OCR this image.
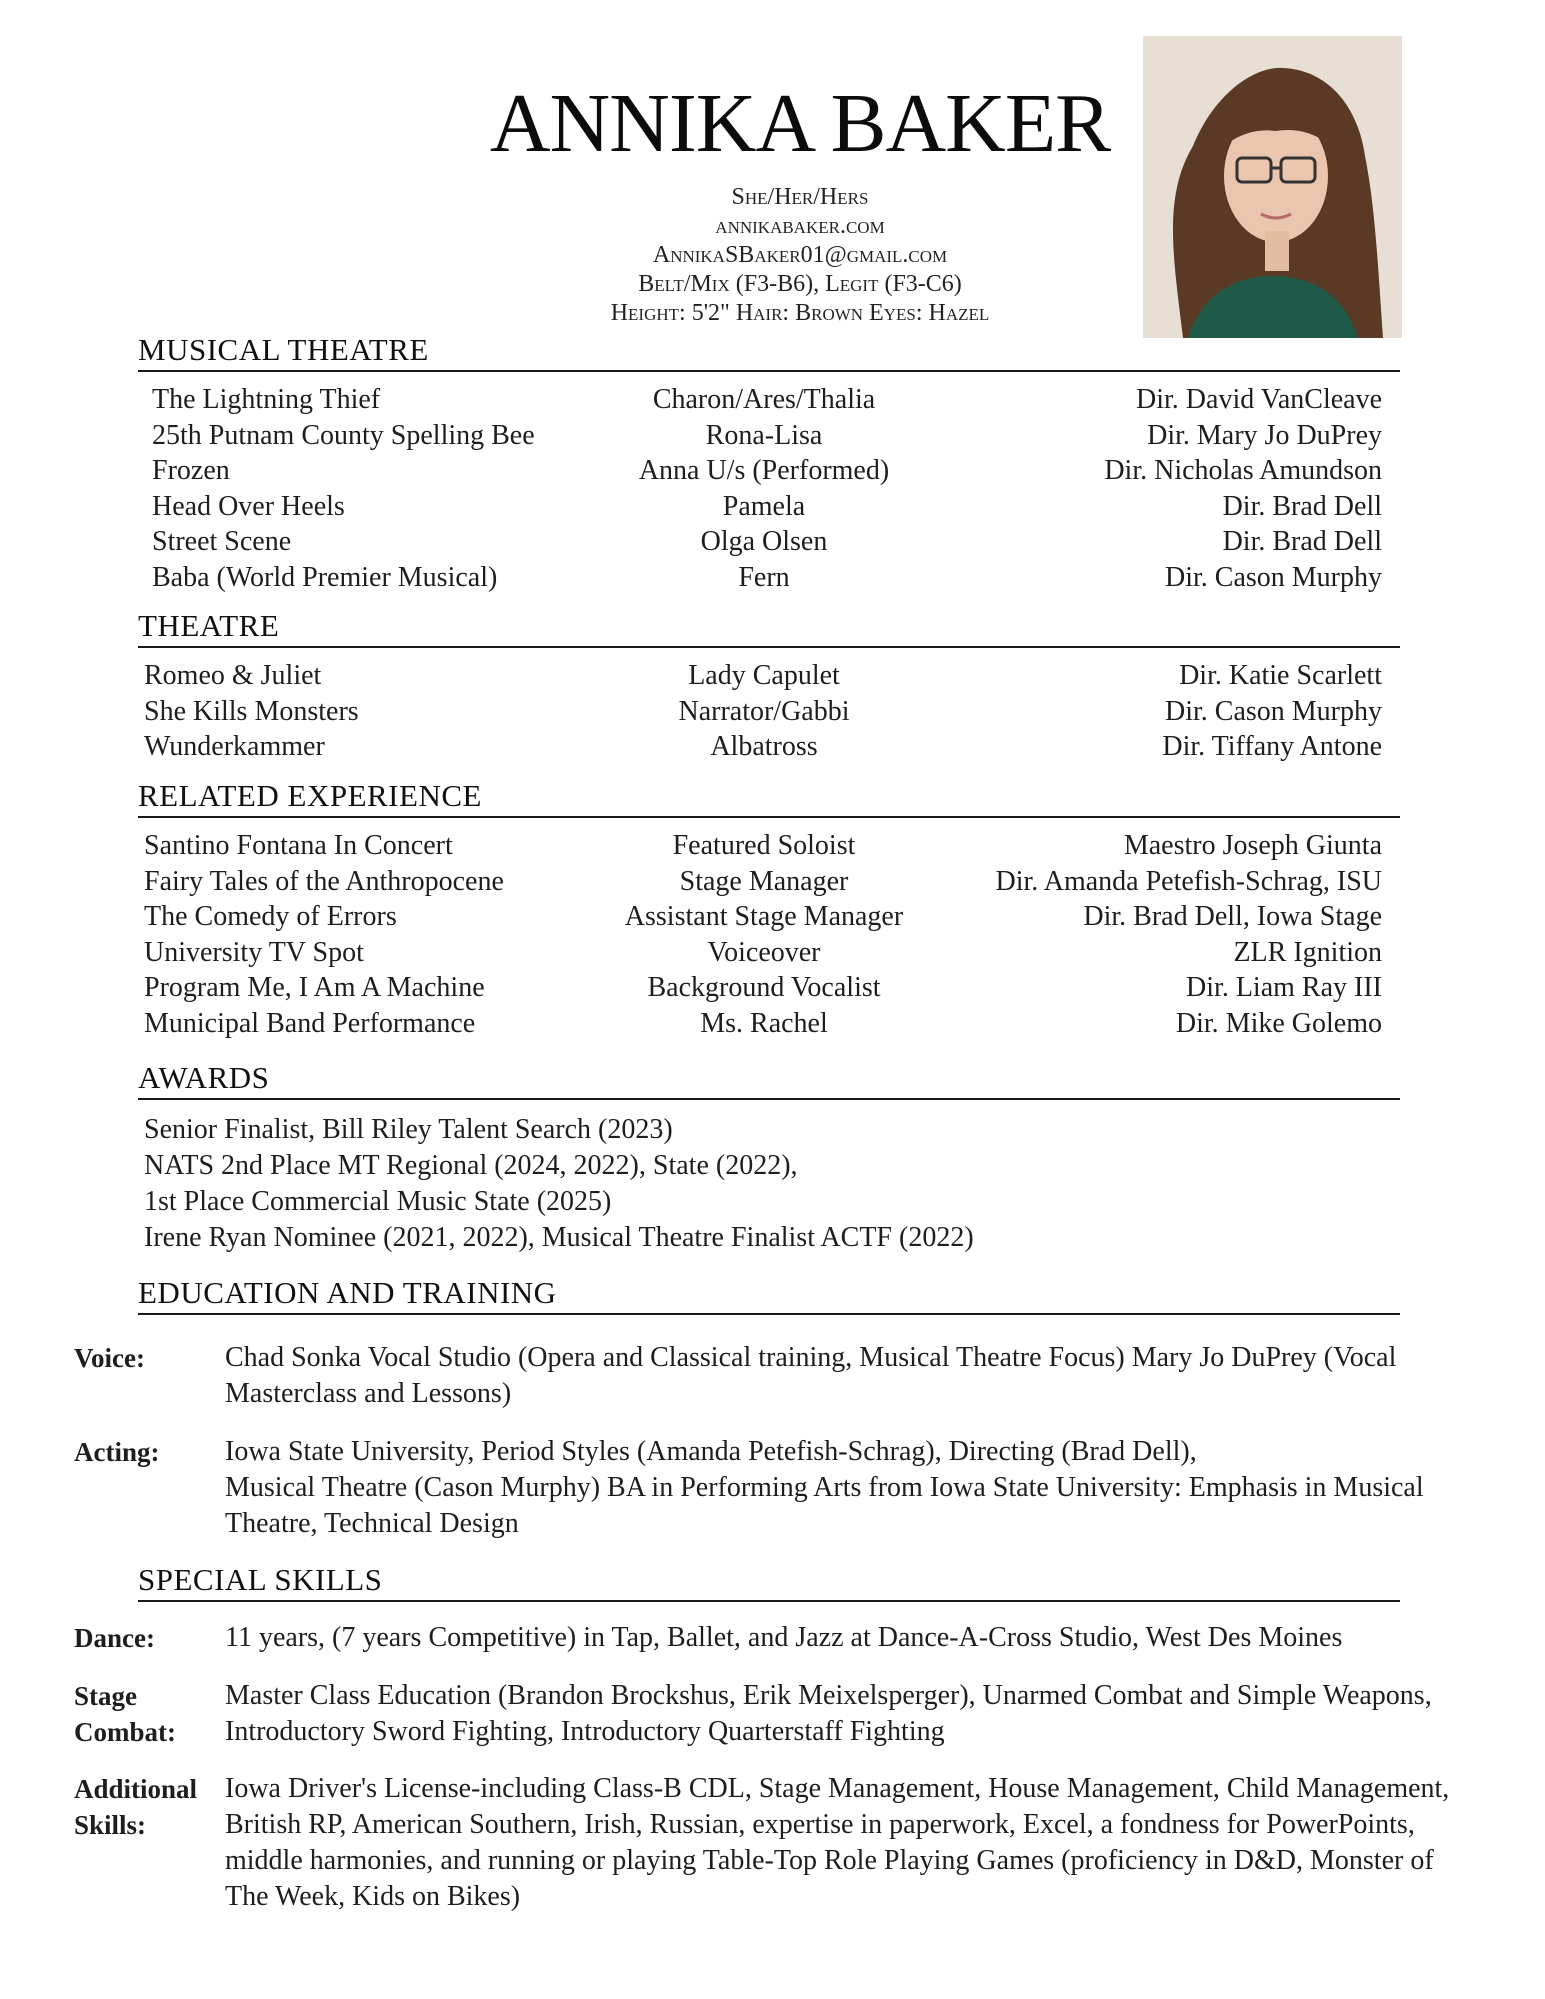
ANNIKA BAKER
She/Her/Hers
annikabaker.com
AnnikaSBaker01@gmail.com
Belt/Mix (F3-B6), Legit (F3-C6)
Height: 5'2" Hair: Brown Eyes: Hazel
MUSICAL THEATRE
The Lightning Thief	Charon/Ares/Thalia	Dir. David VanCleave
25th Putnam County Spelling Bee	Rona-Lisa	Dir. Mary Jo DuPrey
Frozen	Anna U/s (Performed)	Dir. Nicholas Amundson
Head Over Heels	Pamela	Dir. Brad Dell
Street Scene	Olga Olsen	Dir. Brad Dell
Baba (World Premier Musical)	Fern	Dir. Cason Murphy
THEATRE
Romeo & Juliet	Lady Capulet	Dir. Katie Scarlett
She Kills Monsters	Narrator/Gabbi	Dir. Cason Murphy
Wunderkammer	Albatross	Dir. Tiffany Antone
RELATED EXPERIENCE
Santino Fontana In Concert	Featured Soloist	Maestro Joseph Giunta
Fairy Tales of the Anthropocene	Stage Manager	Dir. Amanda Petefish-Schrag, ISU
The Comedy of Errors	Assistant Stage Manager	Dir. Brad Dell, Iowa Stage
University TV Spot	Voiceover	ZLR Ignition
Program Me, I Am A Machine	Background Vocalist	Dir. Liam Ray III
Municipal Band Performance	Ms. Rachel	Dir. Mike Golemo
AWARDS
Senior Finalist, Bill Riley Talent Search (2023)
NATS 2nd Place MT Regional (2024, 2022), State (2022),
1st Place Commercial Music State (2025)
Irene Ryan Nominee (2021, 2022), Musical Theatre Finalist ACTF (2022)
EDUCATION AND TRAINING
Voice:	Chad Sonka Vocal Studio (Opera and Classical training, Musical Theatre Focus) Mary Jo DuPrey (Vocal Masterclass and Lessons)
Acting: Iowa State University, Period Styles (Amanda Petefish-Schrag), Directing (Brad Dell),
Musical Theatre (Cason Murphy) BA in Performing Arts from Iowa State University: Emphasis in Musical Theatre, Technical Design
SPECIAL SKILLS
Dance:	11 years, (7 years Competitive) in Tap, Ballet, and Jazz at Dance-A-Cross Studio, West Des Moines
Stage
Combat:
Master Class Education (Brandon Brockshus, Erik Meixelsperger), Unarmed Combat and Simple Weapons, Introductory Sword Fighting, Introductory Quarterstaff Fighting
Additional
Skills:
Iowa Driver's License-including Class-B CDL, Stage Management, House Management, Child Management, British RP, American Southern, Irish, Russian, expertise in paperwork, Excel, a fondness for PowerPoints, middle harmonies, and running or playing Table-Top Role Playing Games (proficiency in D&D, Monster of The Week, Kids on Bikes)
